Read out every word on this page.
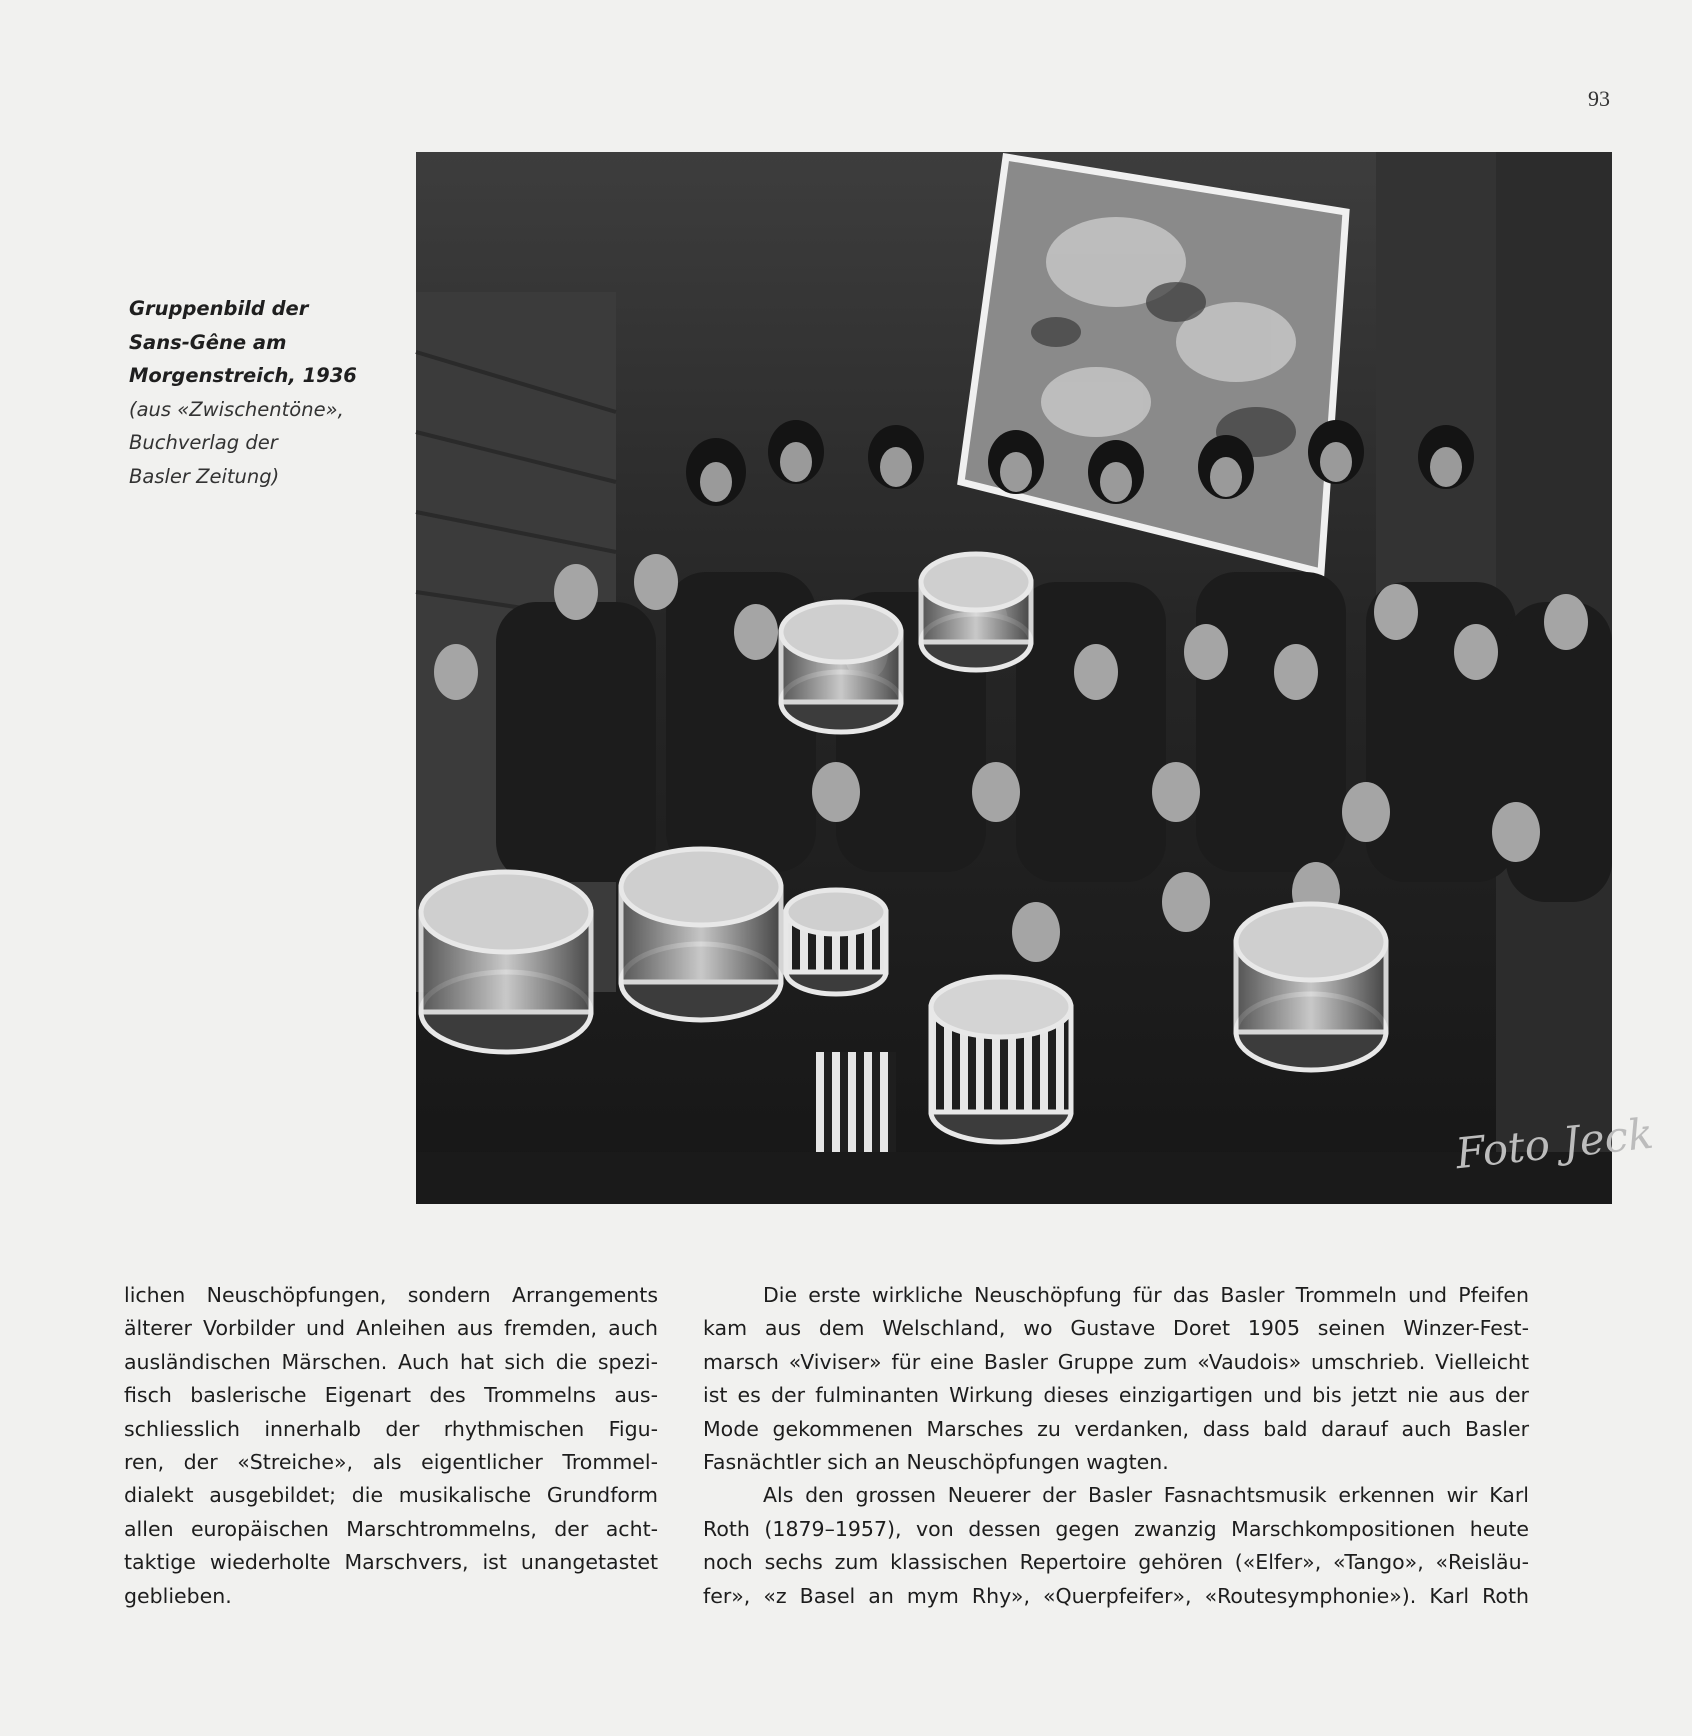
93
Gruppenbild der
Sans-Gêne am
Morgenstreich, 1936
(aus «Zwischentöne»,
Buchverlag der
Basler Zeitung)
Foto Jeck

lichen Neuschöpfungen, sondern Arrangements
älterer Vorbilder und Anleihen aus fremden, auch
ausländischen Märschen. Auch hat sich die spezi-
fisch baslerische Eigenart des Trommelns aus-
schliesslich innerhalb der rhythmischen Figu-
ren, der «Streiche», als eigentlicher Trommel-
dialekt ausgebildet; die musikalische Grundform
allen europäischen Marschtrommelns, der acht-
taktige wiederholte Marschvers, ist unangetastet
geblieben.

Die erste wirkliche Neuschöpfung für das Basler Trommeln und Pfeifen
kam aus dem Welschland, wo Gustave Doret 1905 seinen Winzer-Fest-
marsch «Viviser» für eine Basler Gruppe zum «Vaudois» umschrieb. Vielleicht
ist es der fulminanten Wirkung dieses einzigartigen und bis jetzt nie aus der
Mode gekommenen Marsches zu verdanken, dass bald darauf auch Basler
Fasnächtler sich an Neuschöpfungen wagten.

Als den grossen Neuerer der Basler Fasnachtsmusik erkennen wir Karl
Roth (1879–1957), von dessen gegen zwanzig Marschkompositionen heute
noch sechs zum klassischen Repertoire gehören («Elfer», «Tango», «Reisläu-
fer», «z Basel an mym Rhy», «Querpfeifer», «Routesymphonie»). Karl Roth
